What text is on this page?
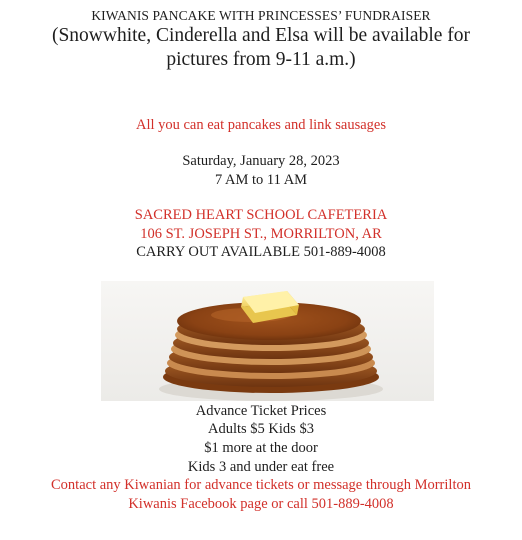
KIWANIS PANCAKE WITH PRINCESSES’ FUNDRAISER
(Snowwhite, Cinderella and Elsa will be available for
pictures from 9-11 a.m.)
All you can eat pancakes and link sausages
Saturday, January 28, 2023
7 AM to 11 AM
SACRED HEART SCHOOL CAFETERIA
106 ST. JOSEPH ST., MORRILTON, AR
CARRY OUT AVAILABLE 501-889-4008
Advance Ticket Prices
Adults $5 Kids $3
$1 more at the door
Kids 3 and under eat free
Contact any Kiwanian for advance tickets or message through Morrilton
Kiwanis Facebook page or call 501-889-4008
